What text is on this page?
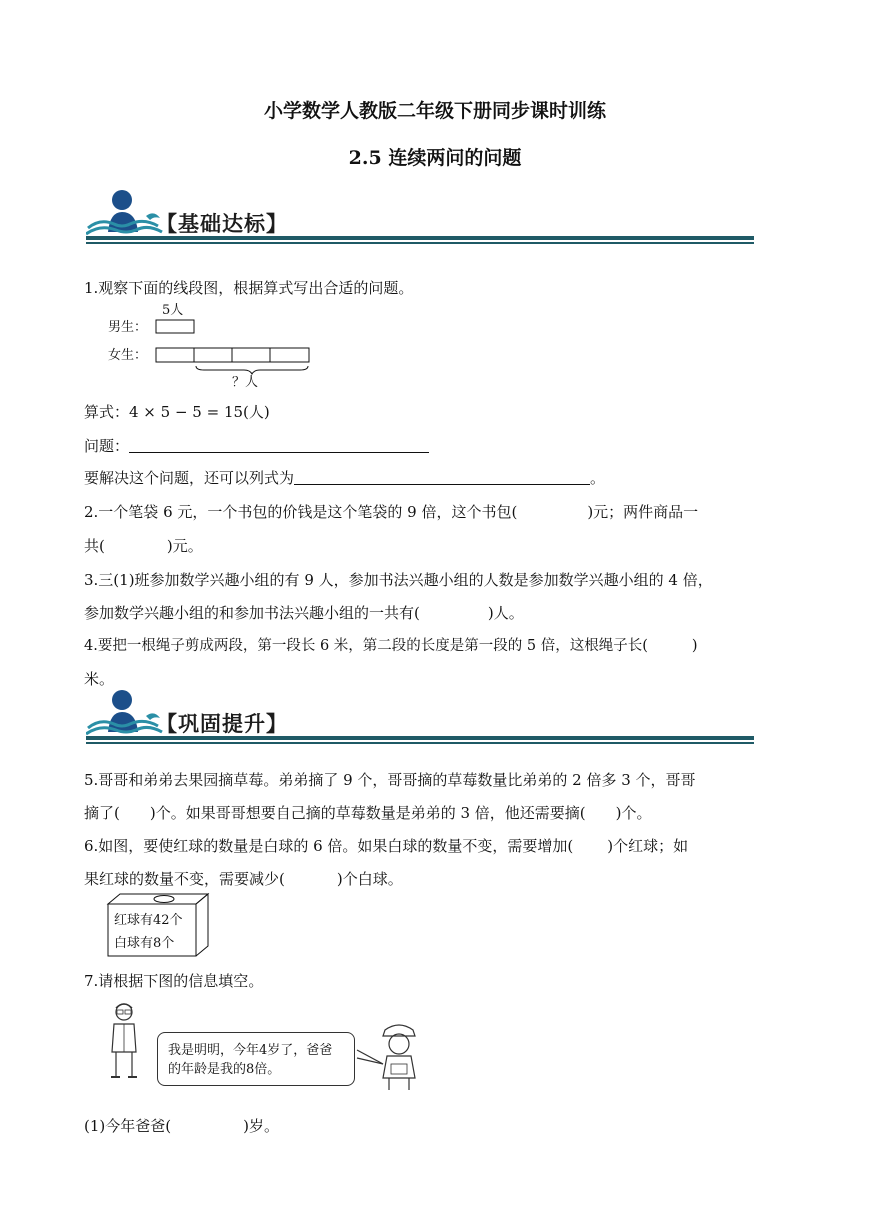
小学数学人教版二年级下册同步课时训练
2.5 连续两问的问题
【基础达标】
1.观察下面的线段图，根据算式写出合适的问题。
5人
男生：
女生：
？人
算式：4 × 5 − 5 = 15(人)
问题：
要解决这个问题，还可以列式为	。
2.一个笔袋 6 元，一个书包的价钱是这个笔袋的 9 倍，这个书包(	)元；两件商品一
共(	)元。
3.三(1)班参加数学兴趣小组的有 9 人，参加书法兴趣小组的人数是参加数学兴趣小组的 4 倍，
参加数学兴趣小组的和参加书法兴趣小组的一共有(	)人。
4.要把一根绳子剪成两段，第一段长 6 米，第二段的长度是第一段的 5 倍，这根绳子长(	)
米。
【巩固提升】
5.哥哥和弟弟去果园摘草莓。弟弟摘了 9 个，哥哥摘的草莓数量比弟弟的 2 倍多 3 个，哥哥
摘了( )个。如果哥哥想要自己摘的草莓数量是弟弟的 3 倍，他还需要摘( )个。
6.如图，要使红球的数量是白球的 6 倍。如果白球的数量不变，需要增加( )个红球；如
果红球的数量不变，需要减少(	)个白球。
红球有42个
白球有8个
7.请根据下图的信息填空。
我是明明，今年4岁了，爸爸
的年龄是我的8倍。
(1)今年爸爸(	)岁。
